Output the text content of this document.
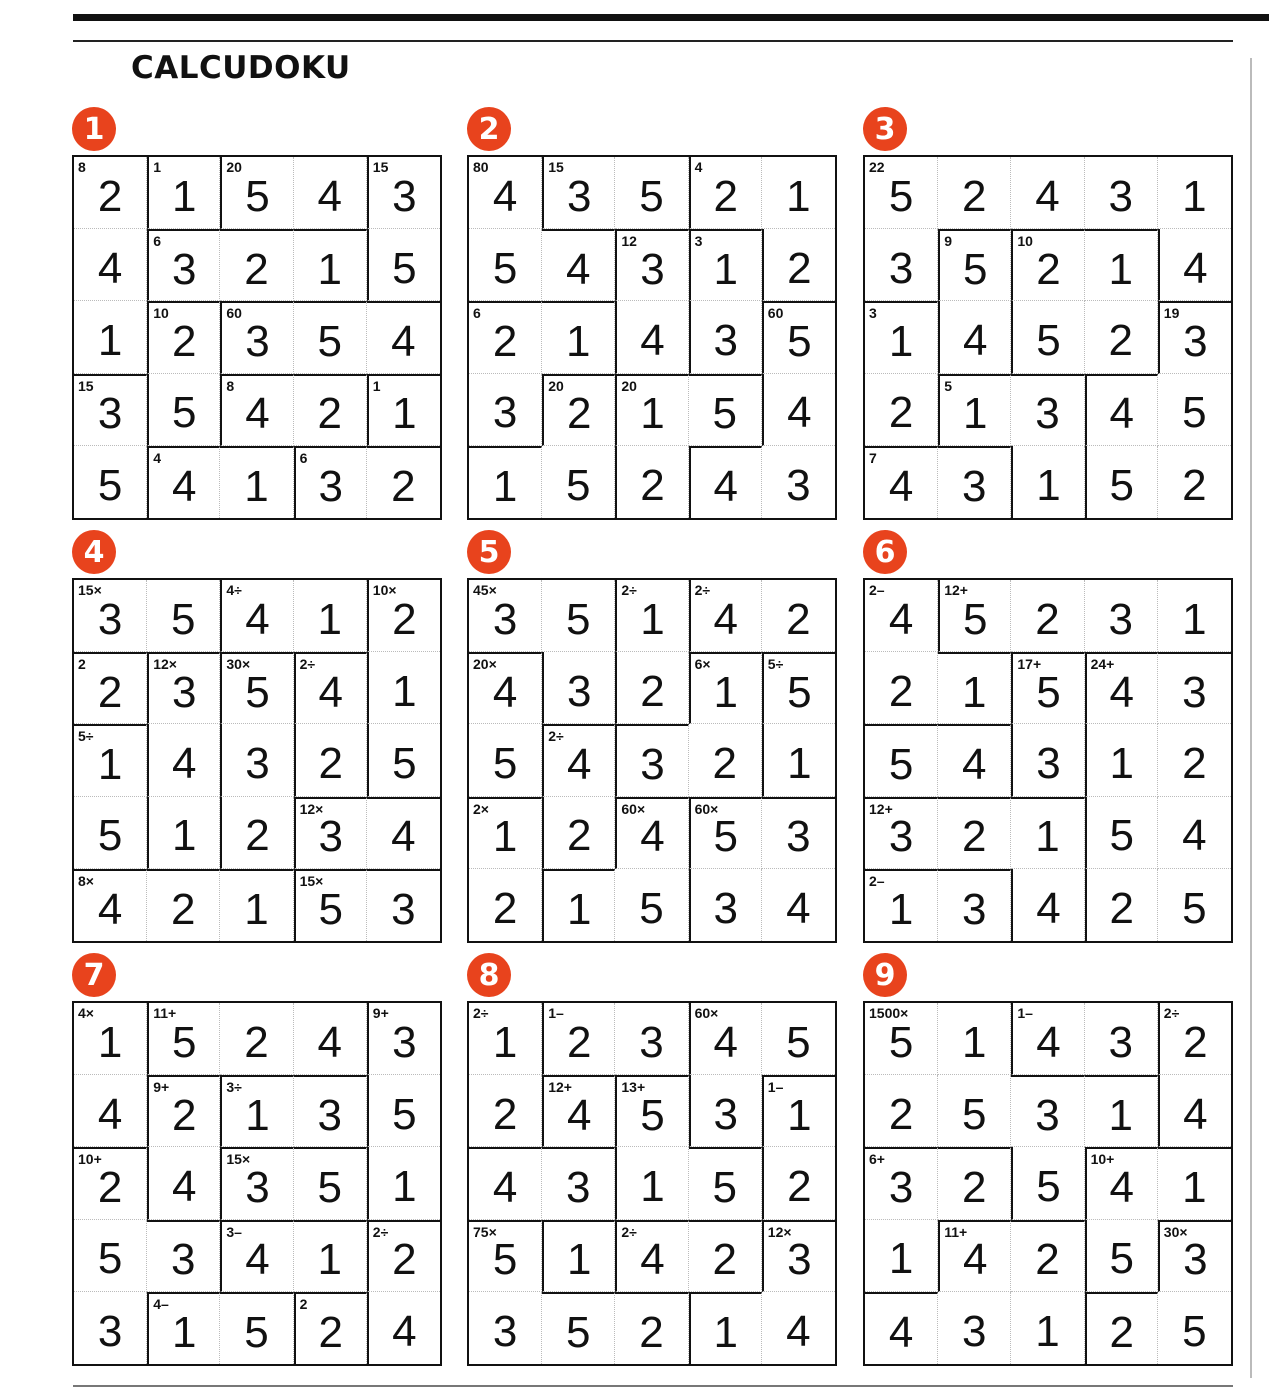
CALCUDOKU
1
8
2
1
1
20
5 4
15
3
4
6
3 2 1 5
1
10
2
60
3 5 4
15
3 5
8
4 2
1
1
5
4
4 1
6
3 2
2
80
4
15
3 5
4
2 1
5 4
12
3
3
1 2
6
2 1 4 3
60
5
3
20
2
20
1 5 4
1 5 2 4 3
3
22
5 2 4 3 1
3
9
5
10
2 1 4
3
1 4 5 2
19
3
2
5
1 3 4 5
7
4 3 1 5 2
4
15×
3 5
4÷
4 1
10×
2
2
2
12×
3
30×
5
2÷
4 1
5÷
1 4 3 2 5
5 1 2
12×
3 4
8×
4 2 1
15×
5 3
5
45×
3 5
2÷
1
2÷
4 2
20×
4 3 2
6×
1
5÷
5
5
2÷
4 3 2 1
2×
1 2
60×
4
60×
5 3
2 1 5 3 4
6
2–
4
12+
5 2 3 1
2 1
17+
5
24+
4 3
5 4 3 1 2
12+
3 2 1 5 4
2–
1 3 4 2 5
7
4×
1
11+
5 2 4
9+
3
4
9+
2
3÷
1 3 5
10+
2 4
15×
3 5 1
5 3
3–
4 1
2÷
2
3
4–
1 5
2
2 4
8
2÷
1
1–
2 3
60×
4 5
2
12+
4
13+
5 3
1–
1
4 3 1 5 2
75×
5 1
2÷
4 2
12×
3
3 5 2 1 4
9
1500×
5 1
1–
4 3
2÷
2
2 5 3 1 4
6+
3 2 5
10+
4 1
1
11+
4 2 5
30×
3
4 3 1 2 5
